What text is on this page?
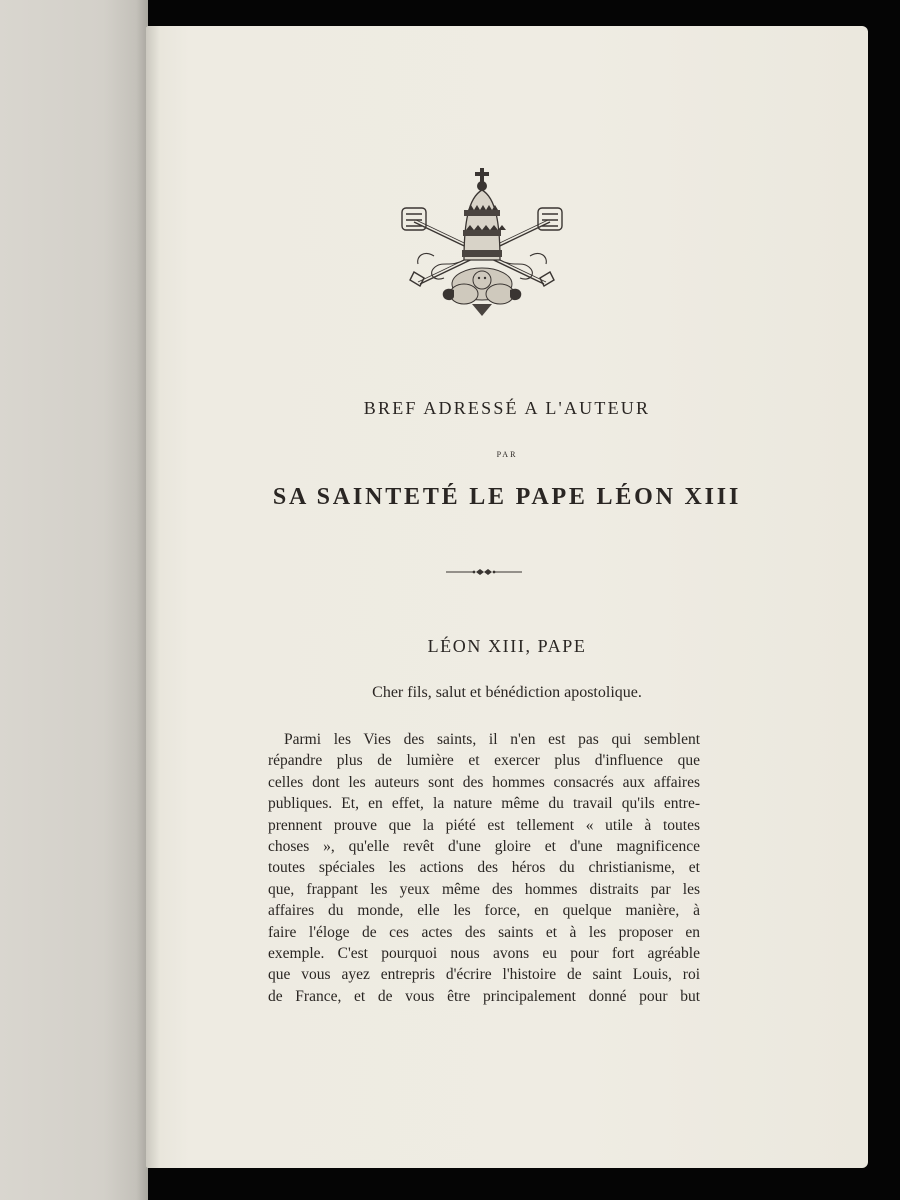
BREF ADRESSÉ A L'AUTEUR
PAR
SA SAINTETÉ LE PAPE LÉON XIII
LÉON XIII, PAPE
Cher fils, salut et bénédiction apostolique.
Parmi les Vies des saints, il n'en est pas qui semblent
répandre plus de lumière et exercer plus d'influence que
celles dont les auteurs sont des hommes consacrés aux affaires
publiques. Et, en effet, la nature même du travail qu'ils entre-
prennent prouve que la piété est tellement « utile à toutes
choses », qu'elle revêt d'une gloire et d'une magnificence
toutes spéciales les actions des héros du christianisme, et
que, frappant les yeux même des hommes distraits par les
affaires du monde, elle les force, en quelque manière, à
faire l'éloge de ces actes des saints et à les proposer en
exemple. C'est pourquoi nous avons eu pour fort agréable
que vous ayez entrepris d'écrire l'histoire de saint Louis, roi
de France, et de vous être principalement donné pour but
